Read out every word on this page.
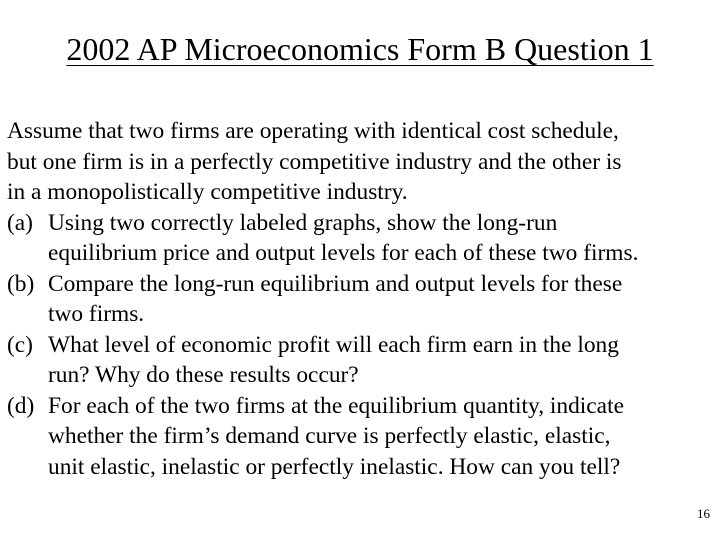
2002 AP Microeconomics Form B Question 1
Assume that two firms are operating with identical cost schedule,
but one firm is in a perfectly competitive industry and the other is
in a monopolistically competitive industry.
(a) Using two correctly labeled graphs, show the long-run
equilibrium price and output levels for each of these two firms.
(b) Compare the long-run equilibrium and output levels for these
two firms.
(c) What level of economic profit will each firm earn in the long
run? Why do these results occur?
(d) For each of the two firms at the equilibrium quantity, indicate
whether the firm’s demand curve is perfectly elastic, elastic,
unit elastic, inelastic or perfectly inelastic. How can you tell?
16
